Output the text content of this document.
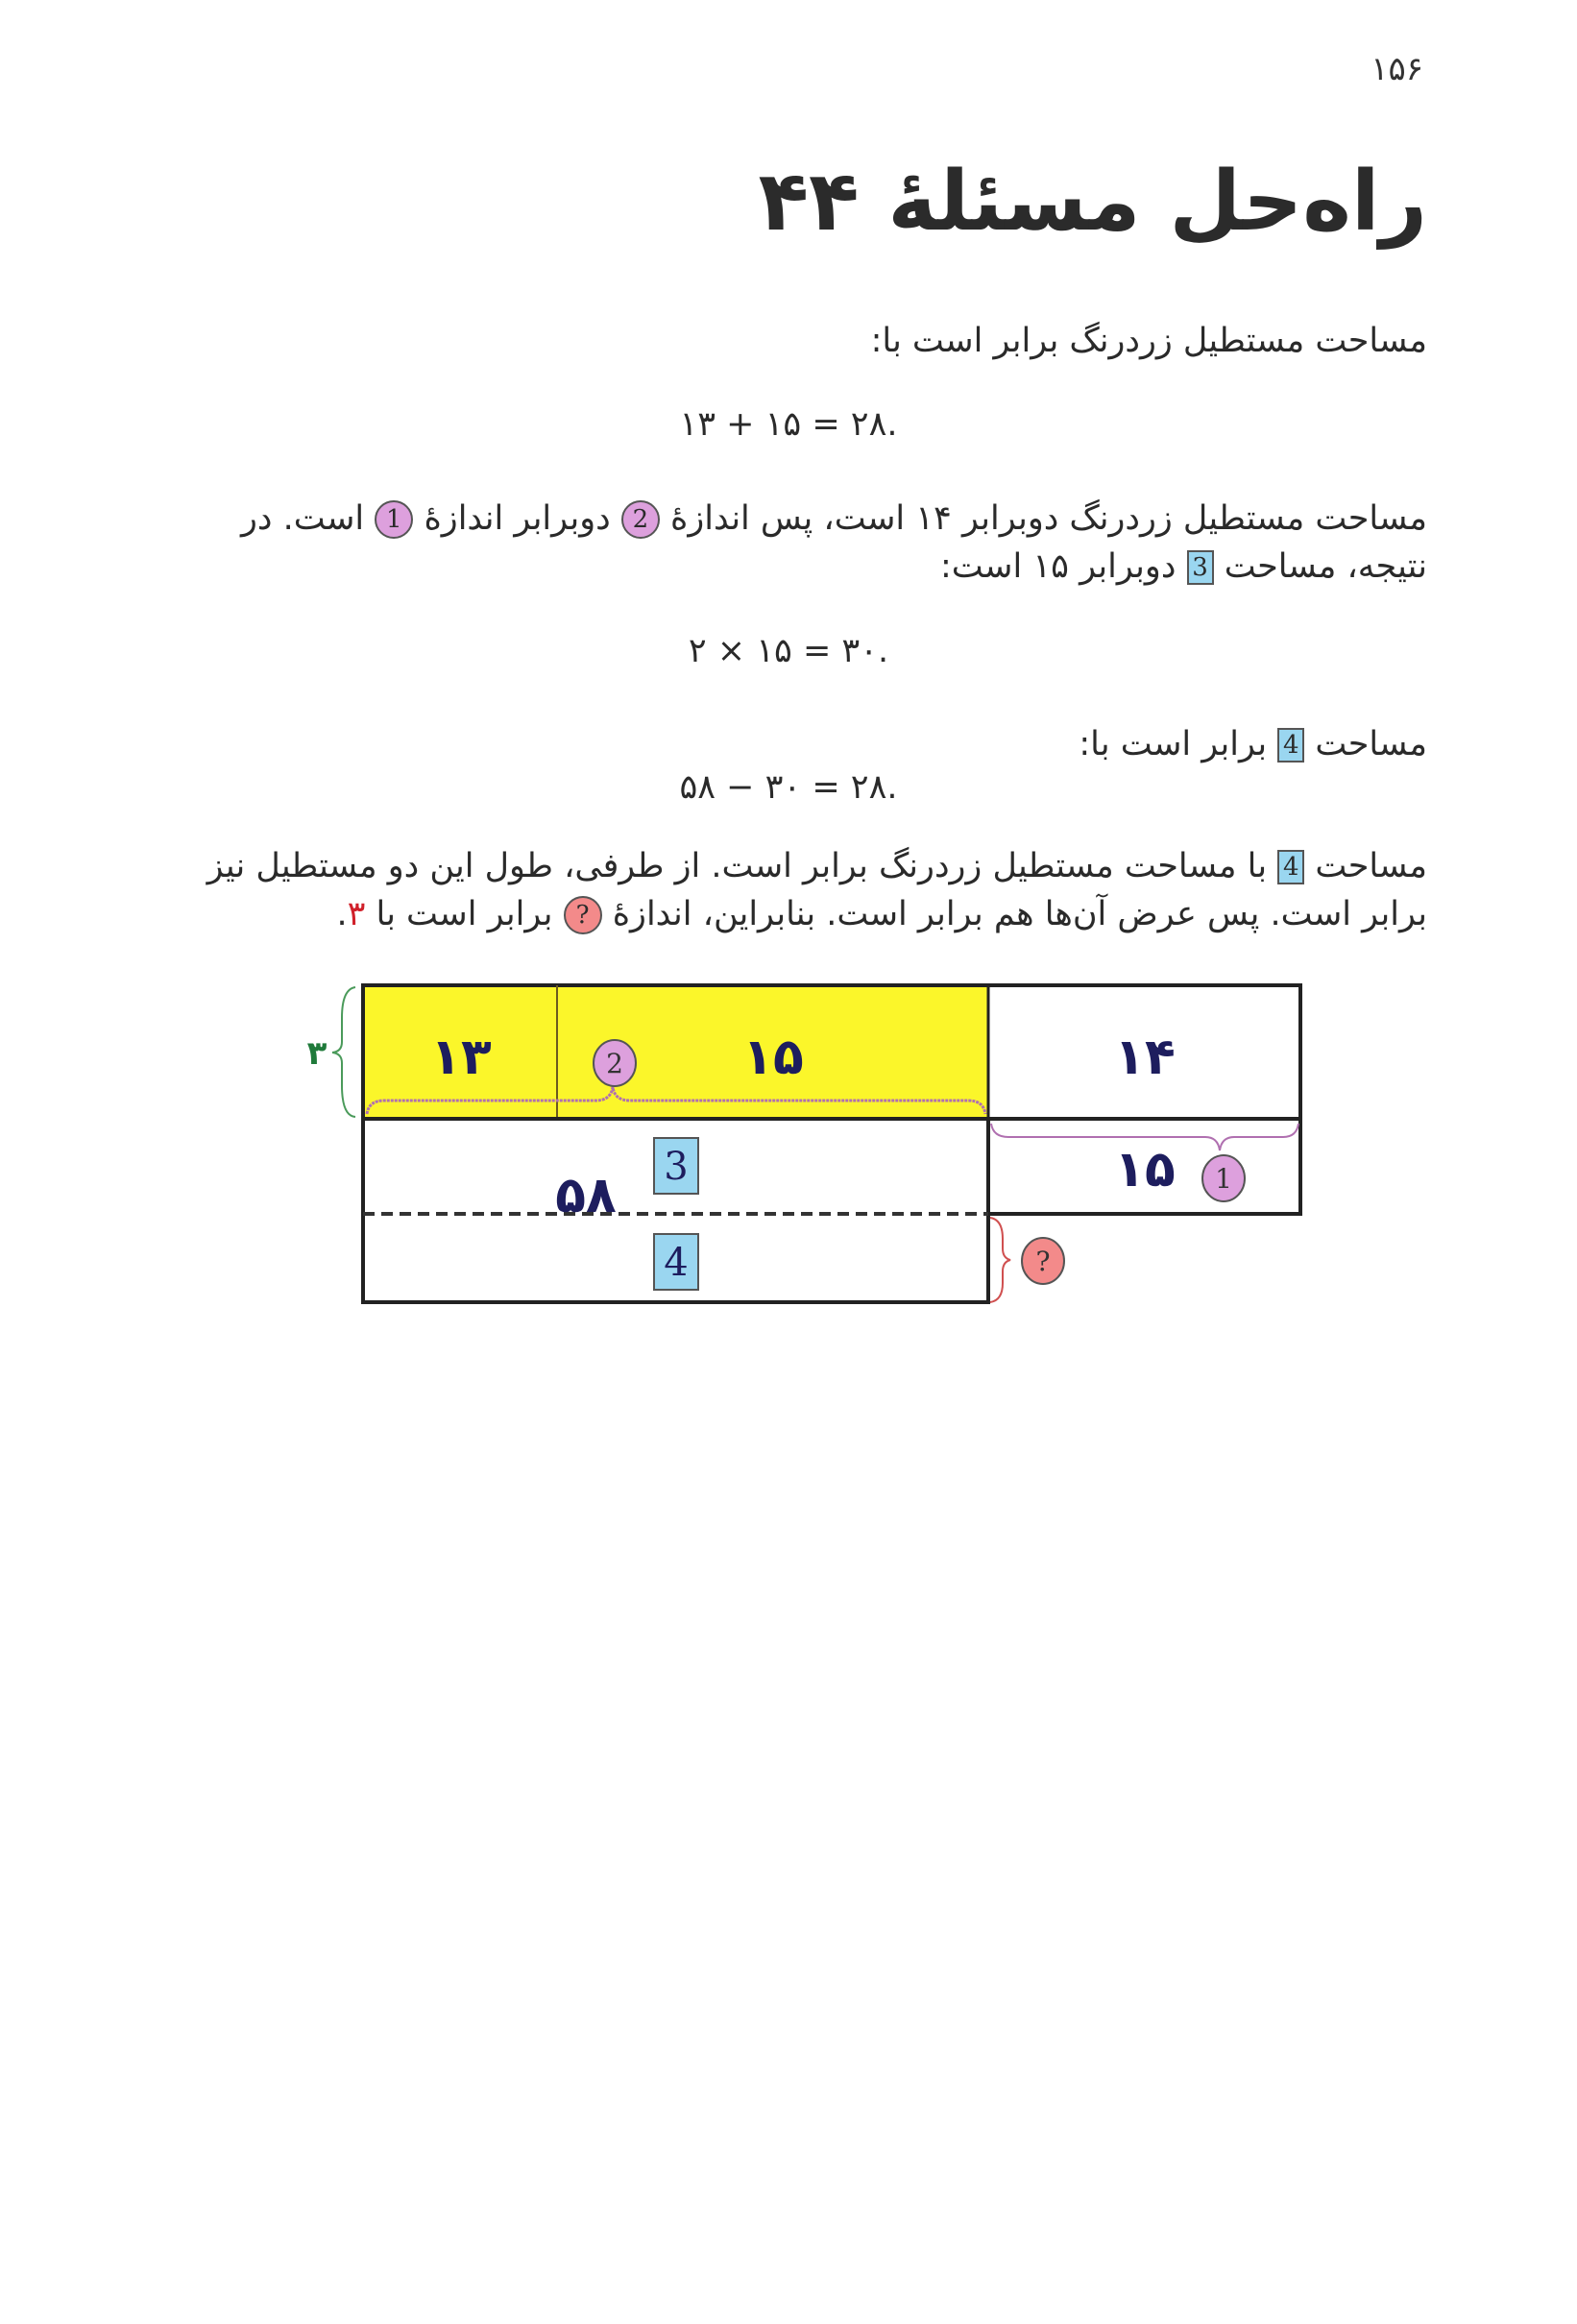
۱۵۶
راه‌حل مسئلهٔ ۴۴
مساحت مستطیل زردرنگ برابر است با:
۱۳ + ۱۵ = ۲۸.
مساحت مستطیل زردرنگ دوبرابر ۱۴ است، پس اندازهٔ 2 دوبرابر اندازهٔ 1 است. در نتیجه، مساحت 3 دوبرابر ۱۵ است:
۲ × ۱۵ = ۳۰.
مساحت 4 برابر است با:
۵۸ − ۳۰ = ۲۸.
مساحت 4 با مساحت مستطیل زردرنگ برابر است. از طرفی، طول این دو مستطیل نیز برابر است. پس عرض آن‌ها هم برابر است. بنابراین، اندازهٔ ? برابر است با ۳.
۳ ۱۳	۱۵	۱۴
۱۵
۵۸
2
1
3
4	?
